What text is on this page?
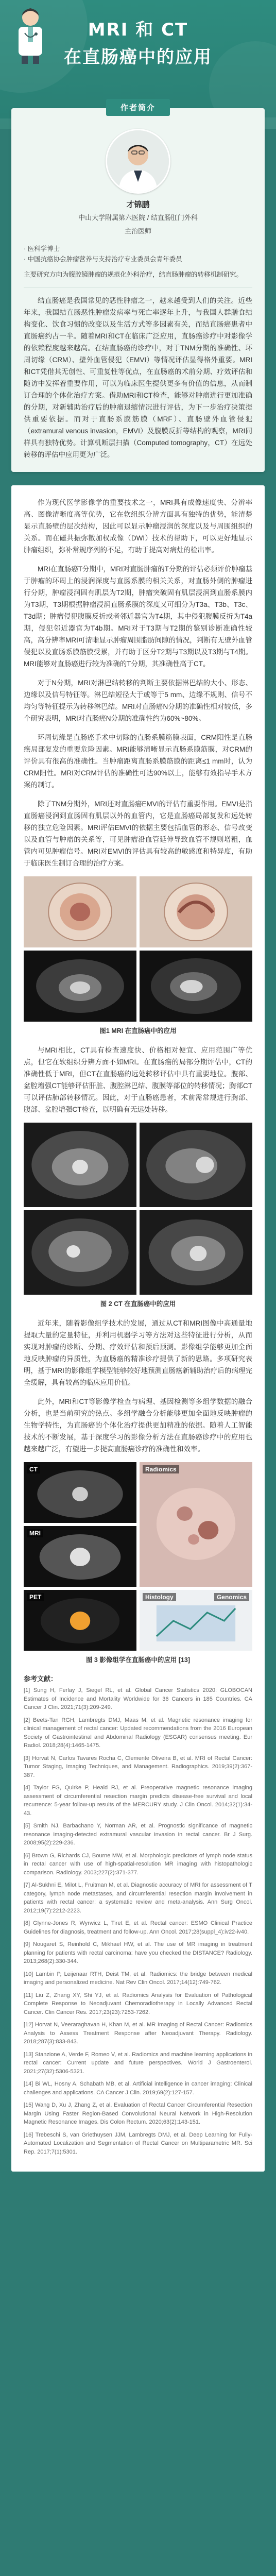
MRI 和 CT
在直肠癌中的应用
作者简介
才锦鹏
中山大学附属第六医院 / 结直肠肛门外科
主治医师
· 医科学博士
· 中国抗癌协会肿瘤营养与支持治疗专业委员会青年委员
主要研究方向为腹腔镜肿瘤的规范化外科治疗，结直肠肿瘤的转移机制研究。
结直肠癌是我国常见的恶性肿瘤之一，越来越受到人们的关注。近些年来，我国结直肠恶性肿瘤发病率与死亡率逐年上升，与我国人群膳食结构变化、饮食习惯的改变以及生活方式等多因素有关，而结直肠癌患者中直肠癌约占一半。随着MRI和CT在临床广泛应用，直肠癌诊疗中对影像学的依赖程度越来越高。在结直肠癌的诊疗中，对于TNM分期的准确性、环周切缘（CRM）、壁外血管侵犯（EMVI）等情况评估显得格外重要。MRI和CT凭借其无创性、可重复性等优点，在直肠癌的术前分期、疗效评估和随访中发挥着重要作用，可以为临床医生提供更多有价值的信息，从而制订合理的个体化治疗方案。借助MRI和CT检查，能够对肿瘤进行更加准确的分期，对新辅助治疗后的肿瘤退缩情况进行评估，为下一步治疗决策提供重要依据。而对于直肠系膜筋膜（MRF）、直肠壁外血管侵犯（extramural venous invasion，EMVI）及腹膜反折等结构的观察，MRI同样具有独特优势。计算机断层扫描（Computed tomography，CT）在远处转移的评估中应用更为广泛。

作为现代医学影像学的重要技术之一，MRI具有成像速度快、分辨率高、图像清晰度高等优势，它在软组织分辨方面具有独特的优势，能清楚显示直肠壁的层次结构，因此可以显示肿瘤浸润的深度以及与周围组织的关系。而在磁共振弥散加权成像（DWI）技术的帮助下，可以更好地显示肿瘤组织，弥补常规序列的不足，有助于提高对病灶的检出率。

MRI在直肠癌T分期中，MRI对直肠肿瘤的T分期的评估必须评价肿瘤基于肿瘤的环周上的浸润深度与直肠系膜的相关关系，对直肠外侧的肿瘤进行分期，肿瘤浸润固有肌层为T2期，肿瘤突破固有肌层浸润到直肠系膜内为T3期，T3期根据肿瘤浸润直肠系膜的深度又可细分为T3a、T3b、T3c、T3d期；肿瘤侵犯腹膜反折或者邻近器官为T4期，其中侵犯腹膜反折为T4a期，侵犯邻近器官为T4b期。MRI对于T3期与T2期的鉴别诊断准确性较高，高分辨率MRI可清晰显示肿瘤周围脂肪间隙的情况，判断有无壁外血管侵犯以及直肠系膜筋膜受累，并有助于区分T2期与T3期以及T3期与T4期。MRI能够对直肠癌进行较为准确的T分期，其准确性高于CT。

对于N分期，MRI对淋巴结转移的判断主要依据淋巴结的大小、形态、边缘以及信号特征等。淋巴结短径大于或等于5 mm、边缘不规则、信号不均匀等特征提示为转移淋巴结。MRI对直肠癌N分期的准确性相对较低，多个研究表明，MRI对直肠癌N分期的准确性约为60%~80%。

环周切缘是直肠癌手术中切除的直肠系膜筋膜表面，CRM阳性是直肠癌局部复发的重要危险因素。MRI能够清晰显示直肠系膜筋膜，对CRM的评价具有很高的准确性。当肿瘤距离直肠系膜筋膜的距离≤1 mm时，认为CRM阳性。MRI对CRM评估的准确性可达90%以上，能够有效指导手术方案的制订。

除了TNM分期外，MRI还对直肠癌EMVI的评估有重要作用。EMVI是指直肠癌浸润到直肠固有肌层以外的血管内，它是直肠癌局部复发和远处转移的独立危险因素。MRI评估EMVI的依据主要包括血管的形态、信号改变以及血管与肿瘤的关系等，可见肿瘤沿血管延伸导致血管不规则增粗，血管内可见肿瘤信号。MRI对EMVI的评估具有较高的敏感度和特异度，有助于临床医生制订合理的治疗方案。

图1 MRI 在直肠癌中的应用

与MRI相比，CT具有检查速度快、价格相对便宜、应用范围广等优点，但它在软组织分辨方面不如MRI。在直肠癌的局部分期评估中，CT的准确性低于MRI，但CT在直肠癌的远处转移评估中具有重要地位。腹部、盆腔增强CT能够评估肝脏、腹腔淋巴结、腹膜等部位的转移情况；胸部CT可以评估肺部转移情况。因此，对于直肠癌患者，术前需常规进行胸部、腹部、盆腔增强CT检查，以明确有无远处转移。

图 2 CT 在直肠癌中的应用

近年来，随着影像组学技术的发展，通过从CT和MRI图像中高通量地提取大量的定量特征，并利用机器学习等方法对这些特征进行分析，从而实现对肿瘤的诊断、分期、疗效评估和预后预测。影像组学能够更加全面地反映肿瘤的异质性，为直肠癌的精准诊疗提供了新的思路。多项研究表明，基于MRI的影像组学模型能够较好地预测直肠癌新辅助治疗后的病理完全缓解，具有较高的临床应用价值。

此外，MRI和CT等影像学检查与病理、基因检测等多组学数据的融合分析，也是当前研究的热点。多组学融合分析能够更加全面地反映肿瘤的生物学特性，为直肠癌的个体化治疗提供更加精准的依据。随着人工智能技术的不断发展，基于深度学习的影像分析方法在直肠癌诊疗中的应用也越来越广泛，有望进一步提高直肠癌诊疗的准确性和效率。

CT	Radiomics
MRI
PET	Histology	Genomics
图 3 影像组学在直肠癌中的应用 [13]
参考文献：
[1] Sung H, Ferlay J, Siegel RL, et al. Global Cancer Statistics 2020: GLOBOCAN Estimates of Incidence and Mortality Worldwide for 36 Cancers in 185 Countries. CA Cancer J Clin. 2021;71(3):209-249.
[2] Beets-Tan RGH, Lambregts DMJ, Maas M, et al. Magnetic resonance imaging for clinical management of rectal cancer: Updated recommendations from the 2016 European Society of Gastrointestinal and Abdominal Radiology (ESGAR) consensus meeting. Eur Radiol. 2018;28(4):1465-1475.
[3] Horvat N, Carlos Tavares Rocha C, Clemente Oliveira B, et al. MRI of Rectal Cancer: Tumor Staging, Imaging Techniques, and Management. Radiographics. 2019;39(2):367-387.
[4] Taylor FG, Quirke P, Heald RJ, et al. Preoperative magnetic resonance imaging assessment of circumferential resection margin predicts disease-free survival and local recurrence: 5-year follow-up results of the MERCURY study. J Clin Oncol. 2014;32(1):34-43.
[5] Smith NJ, Barbachano Y, Norman AR, et al. Prognostic significance of magnetic resonance imaging-detected extramural vascular invasion in rectal cancer. Br J Surg. 2008;95(2):229-236.
[6] Brown G, Richards CJ, Bourne MW, et al. Morphologic predictors of lymph node status in rectal cancer with use of high-spatial-resolution MR imaging with histopathologic comparison. Radiology. 2003;227(2):371-377.
[7] Al-Sukhni E, Milot L, Fruitman M, et al. Diagnostic accuracy of MRI for assessment of T category, lymph node metastases, and circumferential resection margin involvement in patients with rectal cancer: a systematic review and meta-analysis. Ann Surg Oncol. 2012;19(7):2212-2223.
[8] Glynne-Jones R, Wyrwicz L, Tiret E, et al. Rectal cancer: ESMO Clinical Practice Guidelines for diagnosis, treatment and follow-up. Ann Oncol. 2017;28(suppl_4):iv22-iv40.
[9] Nougaret S, Reinhold C, Mikhael HW, et al. The use of MR imaging in treatment planning for patients with rectal carcinoma: have you checked the DISTANCE? Radiology. 2013;268(2):330-344.
[10] Lambin P, Leijenaar RTH, Deist TM, et al. Radiomics: the bridge between medical imaging and personalized medicine. Nat Rev Clin Oncol. 2017;14(12):749-762.
[11] Liu Z, Zhang XY, Shi YJ, et al. Radiomics Analysis for Evaluation of Pathological Complete Response to Neoadjuvant Chemoradiotherapy in Locally Advanced Rectal Cancer. Clin Cancer Res. 2017;23(23):7253-7262.
[12] Horvat N, Veeraraghavan H, Khan M, et al. MR Imaging of Rectal Cancer: Radiomics Analysis to Assess Treatment Response after Neoadjuvant Therapy. Radiology. 2018;287(3):833-843.
[13] Stanzione A, Verde F, Romeo V, et al. Radiomics and machine learning applications in rectal cancer: Current update and future perspectives. World J Gastroenterol. 2021;27(32):5306-5321.
[14] Bi WL, Hosny A, Schabath MB, et al. Artificial intelligence in cancer imaging: Clinical challenges and applications. CA Cancer J Clin. 2019;69(2):127-157.
[15] Wang D, Xu J, Zhang Z, et al. Evaluation of Rectal Cancer Circumferential Resection Margin Using Faster Region-Based Convolutional Neural Network in High-Resolution Magnetic Resonance Images. Dis Colon Rectum. 2020;63(2):143-151.
[16] Trebeschi S, van Griethuysen JJM, Lambregts DMJ, et al. Deep Learning for Fully-Automated Localization and Segmentation of Rectal Cancer on Multiparametric MR. Sci Rep. 2017;7(1):5301.
